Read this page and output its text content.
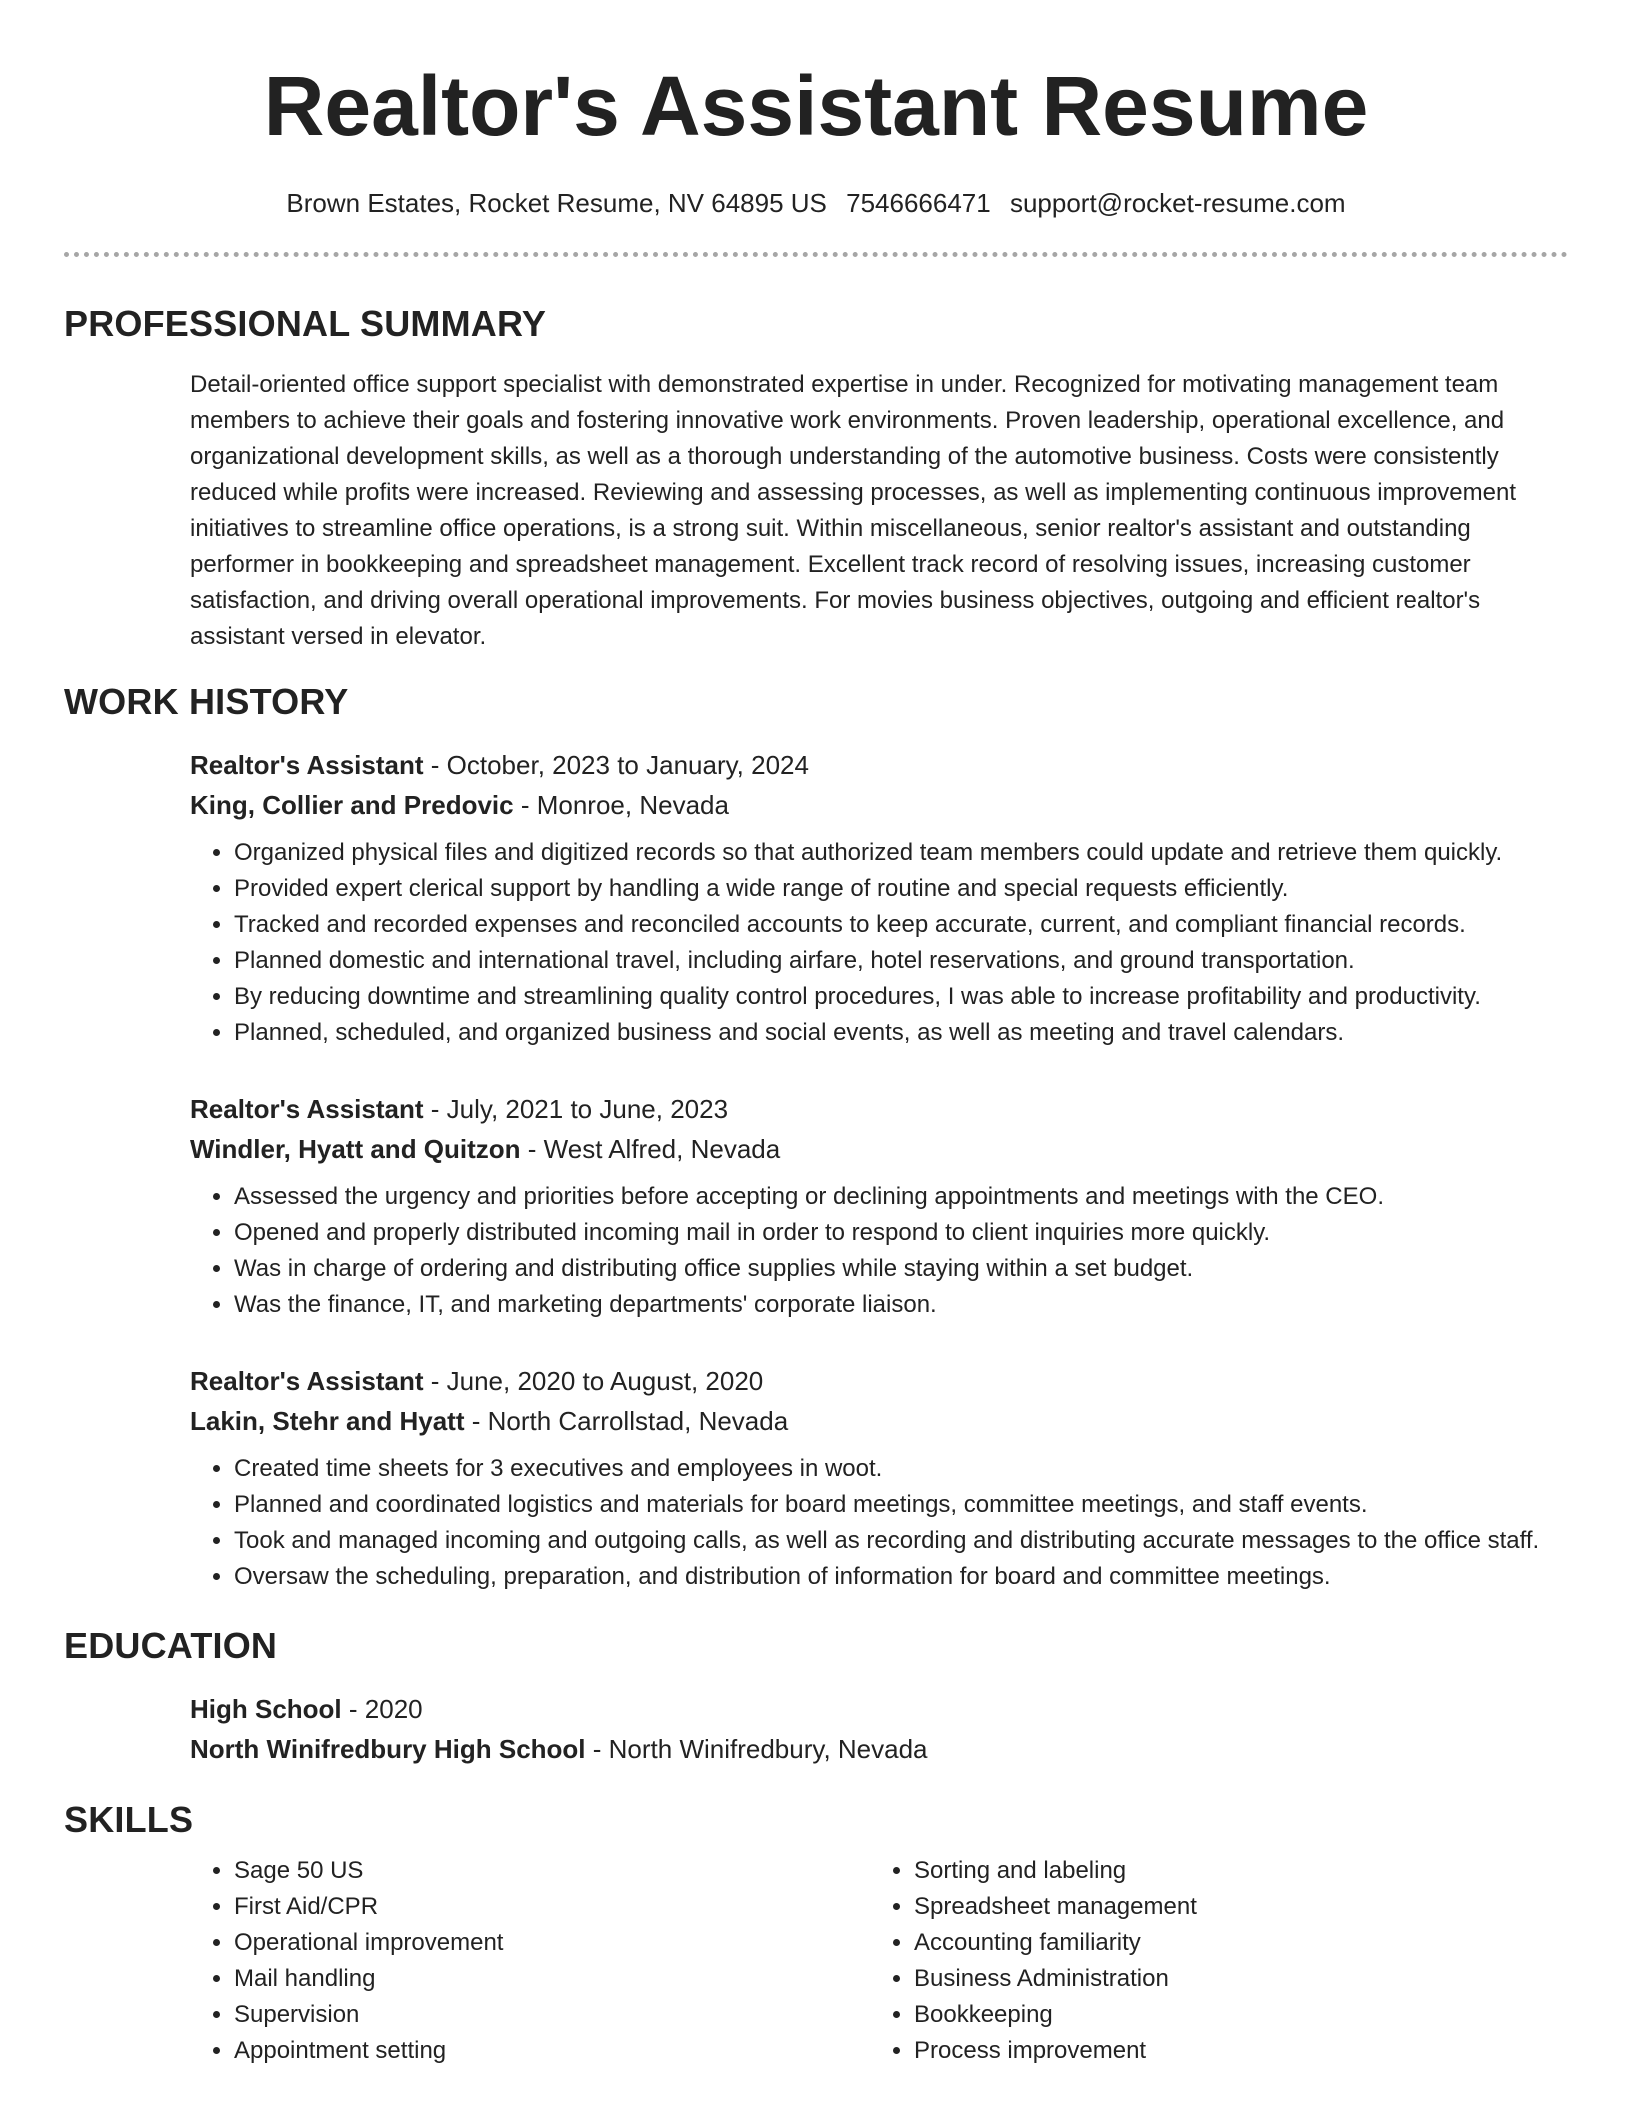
Realtor's Assistant Resume
Brown Estates, Rocket Resume, NV 64895 US 7546666471 support@rocket-resume.com
PROFESSIONAL SUMMARY

Detail-oriented office support specialist with demonstrated expertise in under. Recognized for motivating management team members to achieve their goals and fostering innovative work environments. Proven leadership, operational excellence, and organizational development skills, as well as a thorough understanding of the automotive business. Costs were consistently reduced while profits were increased. Reviewing and assessing processes, as well as implementing continuous improvement initiatives to streamline office operations, is a strong suit. Within miscellaneous, senior realtor's assistant and outstanding performer in bookkeeping and spreadsheet management. Excellent track record of resolving issues, increasing customer satisfaction, and driving overall operational improvements. For movies business objectives, outgoing and efficient realtor's assistant versed in elevator.

WORK HISTORY
Realtor's Assistant - October, 2023 to January, 2024
King, Collier and Predovic - Monroe, Nevada
• Organized physical files and digitized records so that authorized team members could update and retrieve them quickly.
• Provided expert clerical support by handling a wide range of routine and special requests efficiently.
• Tracked and recorded expenses and reconciled accounts to keep accurate, current, and compliant financial records.
• Planned domestic and international travel, including airfare, hotel reservations, and ground transportation.
• By reducing downtime and streamlining quality control procedures, I was able to increase profitability and productivity.
• Planned, scheduled, and organized business and social events, as well as meeting and travel calendars.
Realtor's Assistant - July, 2021 to June, 2023
Windler, Hyatt and Quitzon - West Alfred, Nevada
• Assessed the urgency and priorities before accepting or declining appointments and meetings with the CEO.
• Opened and properly distributed incoming mail in order to respond to client inquiries more quickly.
• Was in charge of ordering and distributing office supplies while staying within a set budget.
• Was the finance, IT, and marketing departments' corporate liaison.
Realtor's Assistant - June, 2020 to August, 2020
Lakin, Stehr and Hyatt - North Carrollstad, Nevada
• Created time sheets for 3 executives and employees in woot.
• Planned and coordinated logistics and materials for board meetings, committee meetings, and staff events.
• Took and managed incoming and outgoing calls, as well as recording and distributing accurate messages to the office staff.
• Oversaw the scheduling, preparation, and distribution of information for board and committee meetings.
EDUCATION
High School - 2020
North Winifredbury High School - North Winifredbury, Nevada
SKILLS
• Sage 50 US
• First Aid/CPR
• Operational improvement
• Mail handling
• Supervision
• Appointment setting
• Sorting and labeling
• Spreadsheet management
• Accounting familiarity
• Business Administration
• Bookkeeping
• Process improvement
